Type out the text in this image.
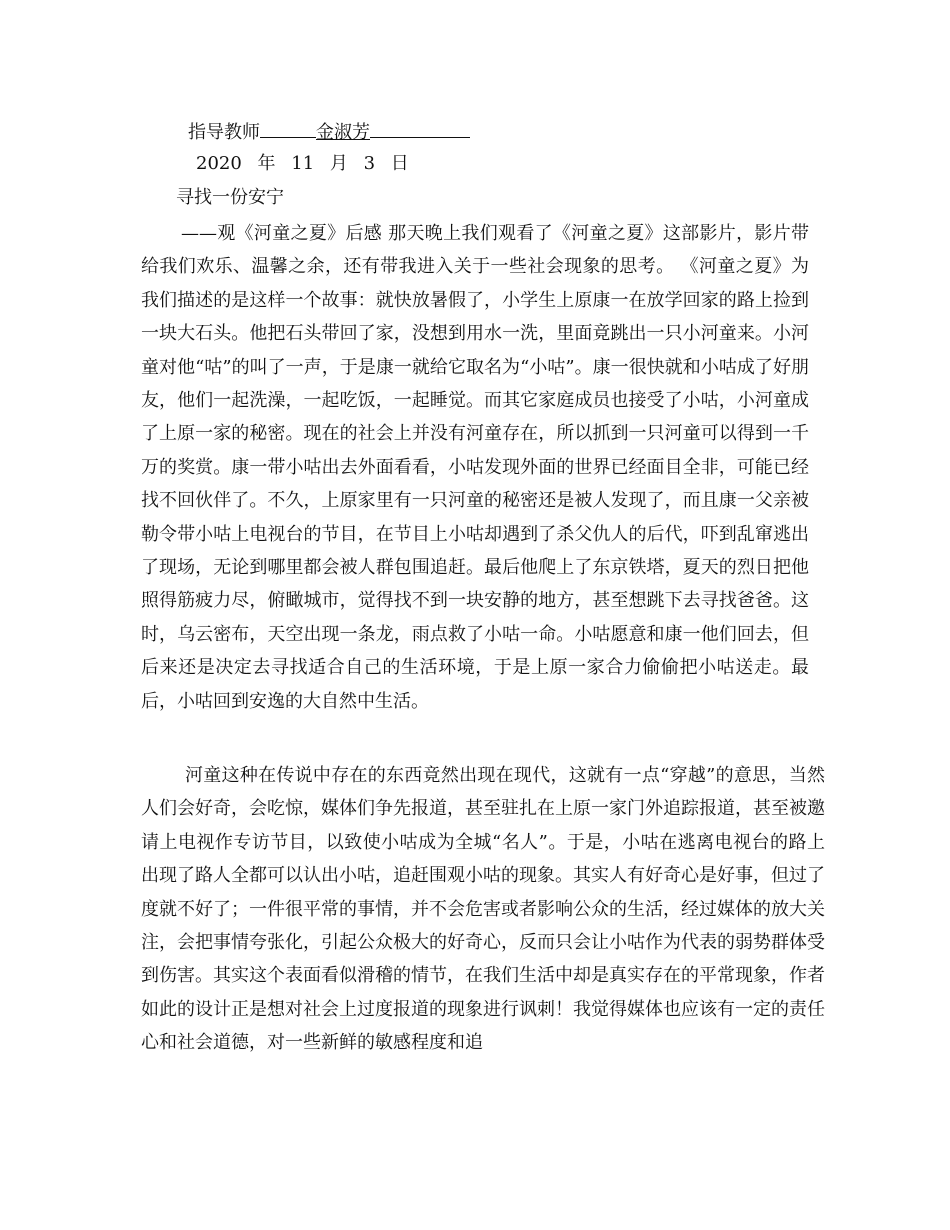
指导教师	金淑芳
2020 年 11 月 3 日
寻找一份安宁
——观《河童之夏》后感 那天晚上我们观看了《河童之夏》这部影片，影片带给我们欢乐、温馨之余，还有带我进入关于一些社会现象的思考。 《河童之夏》为我们描述的是这样一个故事：就快放暑假了，小学生上原康一在放学回家的路上捡到一块大石头。他把石头带回了家，没想到用水一洗，里面竟跳出一只小河童来。小河童对他“咕”的叫了一声，于是康一就给它取名为“小咕”。康一很快就和小咕成了好朋友，他们一起洗澡，一起吃饭，一起睡觉。而其它家庭成员也接受了小咕，小河童成了上原一家的秘密。现在的社会上并没有河童存在，所以抓到一只河童可以得到一千万的奖赏。康一带小咕出去外面看看，小咕发现外面的世界已经面目全非，可能已经找不回伙伴了。不久，上原家里有一只河童的秘密还是被人发现了，而且康一父亲被勒令带小咕上电视台的节目，在节目上小咕却遇到了杀父仇人的后代，吓到乱窜逃出了现场，无论到哪里都会被人群包围追赶。最后他爬上了东京铁塔，夏天的烈日把他照得筋疲力尽，俯瞰城市，觉得找不到一块安静的地方，甚至想跳下去寻找爸爸。这时，乌云密布，天空出现一条龙，雨点救了小咕一命。小咕愿意和康一他们回去，但后来还是决定去寻找适合自己的生活环境，于是上原一家合力偷偷把小咕送走。最后，小咕回到安逸的大自然中生活。
河童这种在传说中存在的东西竟然出现在现代，这就有一点“穿越”的意思，当然人们会好奇，会吃惊，媒体们争先报道，甚至驻扎在上原一家门外追踪报道，甚至被邀请上电视作专访节目，以致使小咕成为全城“名人”。于是，小咕在逃离电视台的路上 出现了路人全都可以认出小咕，追赶围观小咕的现象。其实人有好奇心是好事，但过了度就不好了；一件很平常的事情，并不会危害或者影响公众的生活，经过媒体的放大关注，会把事情夸张化，引起公众极大的好奇心，反而只会让小咕作为代表的弱势群体受到伤害。其实这个表面看似滑稽的情节，在我们生活中却是真实存在的平常现象，作者如此的设计正是想对社会上过度报道的现象进行讽刺！我觉得媒体也应该有一定的责任心和社会道德，对一些新鲜的敏感程度和追
